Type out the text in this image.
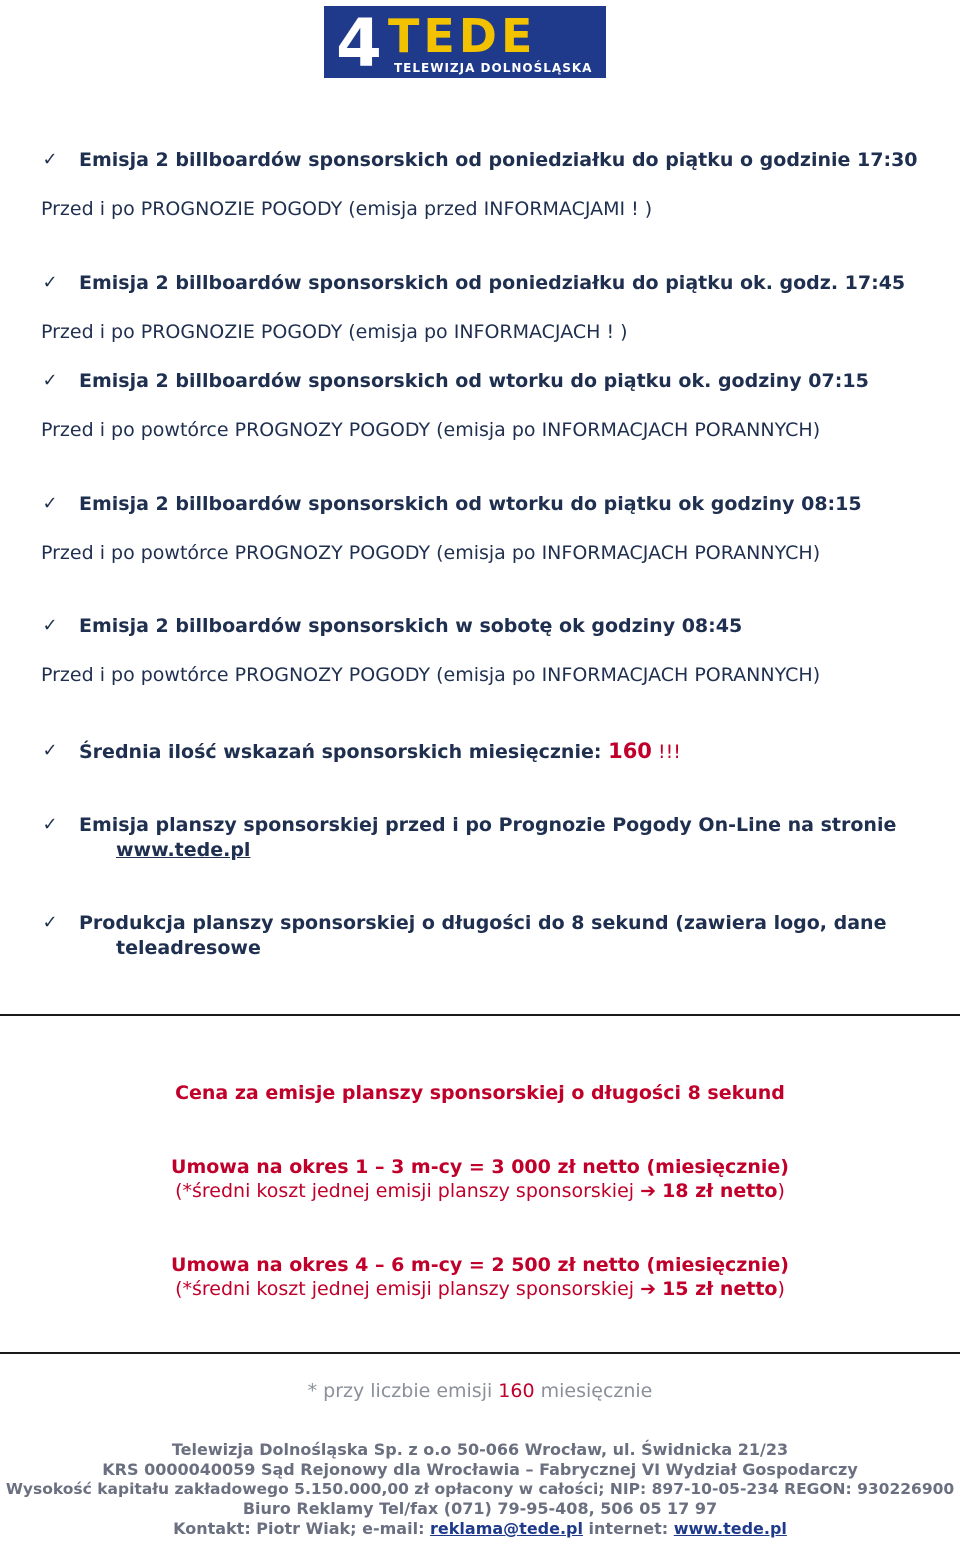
4 TEDE
TELEWIZJA DOLNOŚLĄSKA
✓ Emisja 2 billboardów sponsorskich od poniedziałku do piątku o godzinie 17:30
Przed i po PROGNOZIE POGODY (emisja przed INFORMACJAMI ! )
✓ Emisja 2 billboardów sponsorskich od poniedziałku do piątku ok. godz. 17:45
Przed i po PROGNOZIE POGODY (emisja po INFORMACJACH ! )
✓ Emisja 2 billboardów sponsorskich od wtorku do piątku ok. godziny 07:15
Przed i po powtórce PROGNOZY POGODY (emisja po INFORMACJACH PORANNYCH)
✓ Emisja 2 billboardów sponsorskich od wtorku do piątku ok godziny 08:15
Przed i po powtórce PROGNOZY POGODY (emisja po INFORMACJACH PORANNYCH)
✓ Emisja 2 billboardów sponsorskich w sobotę ok godziny 08:45
Przed i po powtórce PROGNOZY POGODY (emisja po INFORMACJACH PORANNYCH)
✓ Średnia ilość wskazań sponsorskich miesięcznie: 160 !!!
✓ Emisja planszy sponsorskiej przed i po Prognozie Pogody On-Line na stronie
www.tede.pl
✓ Produkcja planszy sponsorskiej o długości do 8 sekund (zawiera logo, dane
teleadresowe
Cena za emisje planszy sponsorskiej o długości 8 sekund
Umowa na okres 1 – 3 m-cy = 3 000 zł netto (miesięcznie)
(*średni koszt jednej emisji planszy sponsorskiej ➔ 18 zł netto)
Umowa na okres 4 – 6 m-cy = 2 500 zł netto (miesięcznie)
(*średni koszt jednej emisji planszy sponsorskiej ➔ 15 zł netto)
* przy liczbie emisji 160 miesięcznie
Telewizja Dolnośląska Sp. z o.o 50-066 Wrocław, ul. Świdnicka 21/23
KRS 0000040059 Sąd Rejonowy dla Wrocławia – Fabrycznej VI Wydział Gospodarczy
Wysokość kapitału zakładowego 5.150.000,00 zł opłacony w całości; NIP: 897-10-05-234 REGON: 930226900
Biuro Reklamy Tel/fax (071) 79-95-408, 506 05 17 97
Kontakt: Piotr Wiak; e-mail: reklama@tede.pl internet: www.tede.pl
